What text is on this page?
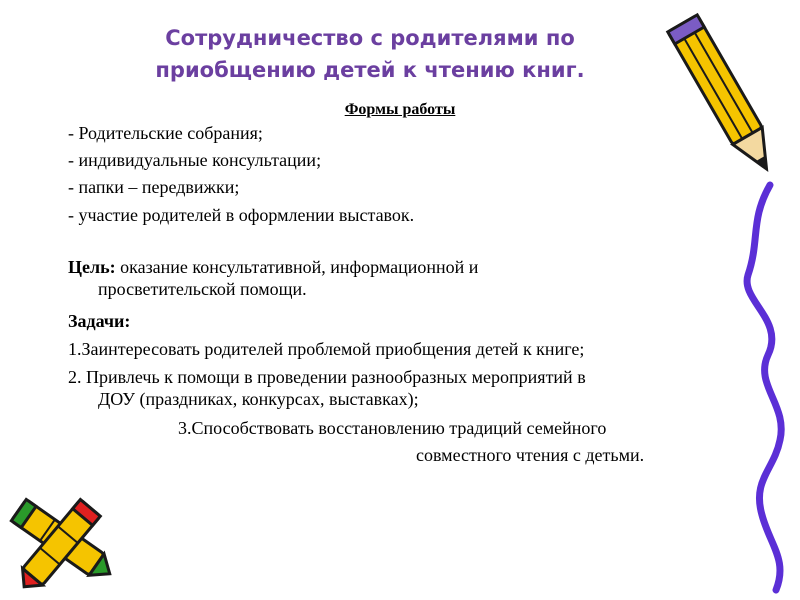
Сотрудничество с родителями по
приобщению детей к чтению книг.
Формы работы
- Родительские собрания;
- индивидуальные консультации;
- папки – передвижки;
- участие родителей в оформлении выставок.
Цель: оказание консультативной, информационной и
просветительской помощи.
Задачи:
1.Заинтересовать родителей проблемой приобщения детей к книге;
2. Привлечь к помощи в проведении разнообразных мероприятий в
ДОУ (праздниках, конкурсах, выставках);
3.Способствовать восстановлению традиций семейного
совместного чтения с детьми.
